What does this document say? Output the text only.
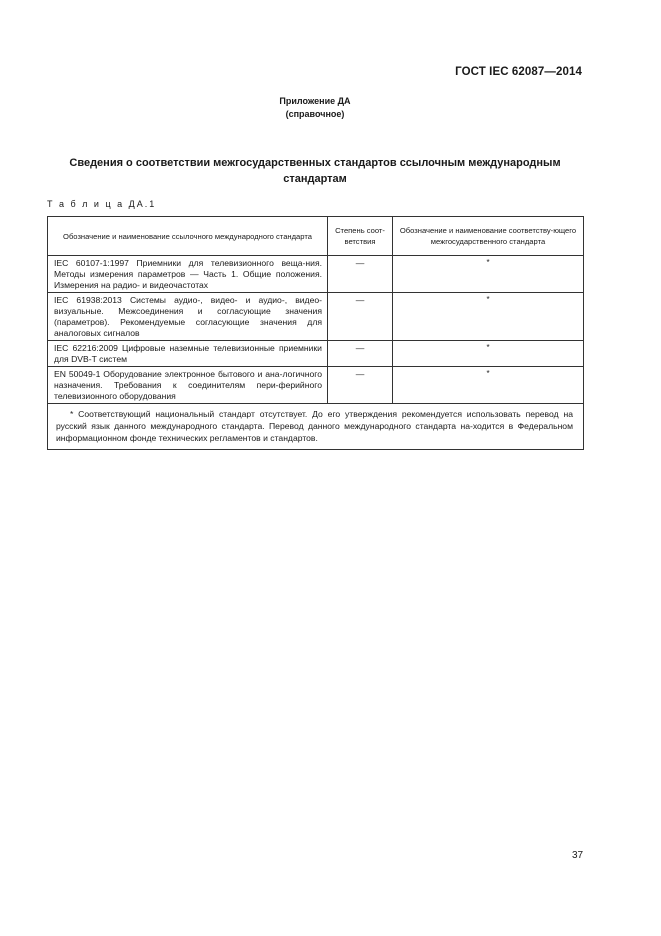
ГОСТ IEC 62087—2014
Приложение ДА
(справочное)
Сведения о соответствии межгосударственных стандартов ссылочным международным стандартам
Т а б л и ц а ДА.1
Обозначение и наименование ссылочного международного стандарта	Степень соот-ветствия	Обозначение и наименование соответству-ющего межгосударственного стандарта
IEC 60107-1:1997 Приемники для телевизионного веща-ния. Методы измерения параметров — Часть 1. Общие положения. Измерения на радио- и видеочастотах	—	*
IEC 61938:2013 Системы аудио-, видео- и аудио-, видео-визуальные. Межсоединения и согласующие значения (параметров). Рекомендуемые согласующие значения для аналоговых сигналов	—	*
IEC 62216:2009 Цифровые наземные телевизионные приемники для DVB-T систем	—	*
EN 50049-1 Оборудование электронное бытового и ана-логичного назначения. Требования к соединителям пери-ферийного телевизионного оборудования	—	*
* Соответствующий национальный стандарт отсутствует. До его утверждения рекомендуется использовать перевод на русский язык данного международного стандарта. Перевод данного международного стандарта на-ходится в Федеральном информационном фонде технических регламентов и стандартов.		
37
